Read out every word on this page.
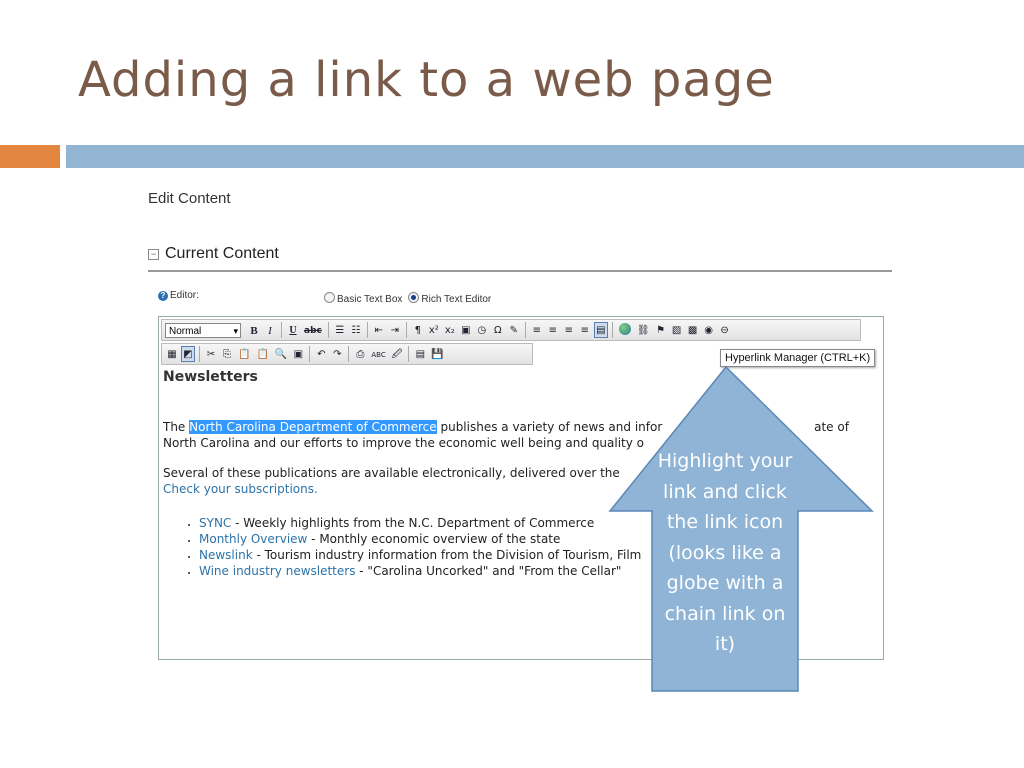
Adding a link to a web page
Edit Content
− Current Content
? Editor:	Basic Text Box	Rich Text Editor
Normal ▾	B I	U abc ☰ ☷ ⇤ ⇥	¶ x² x₂ ▣ ◷ Ω ✎ ≡ ≡ ≡ ≡ ▤	⛓ ⚑ ▨ ▩ ◉ ⊖
▦ ◩ ✂ ⎘ 📋 📋 🔍 ▣ ↶ ↷	⎙	ABC 🖉 ▤ 💾
Newsletters

The North Carolina Department of Commerce publishes a variety of news and infor	ate of
North Carolina and our efforts to improve the economic well being and quality o

Several of these publications are available electronically, delivered over the
Check your subscriptions.

▪ SYNC - Weekly highlights from the N.C. Department of Commerce
▪ Monthly Overview - Monthly economic overview of the state
▪ Newslink - Tourism industry information from the Division of Tourism, Film
▪ Wine industry newsletters - "Carolina Uncorked" and "From the Cellar"
Hyperlink Manager (CTRL+K)
Highlight your link and click the link icon (looks like a globe with a chain link on it)
